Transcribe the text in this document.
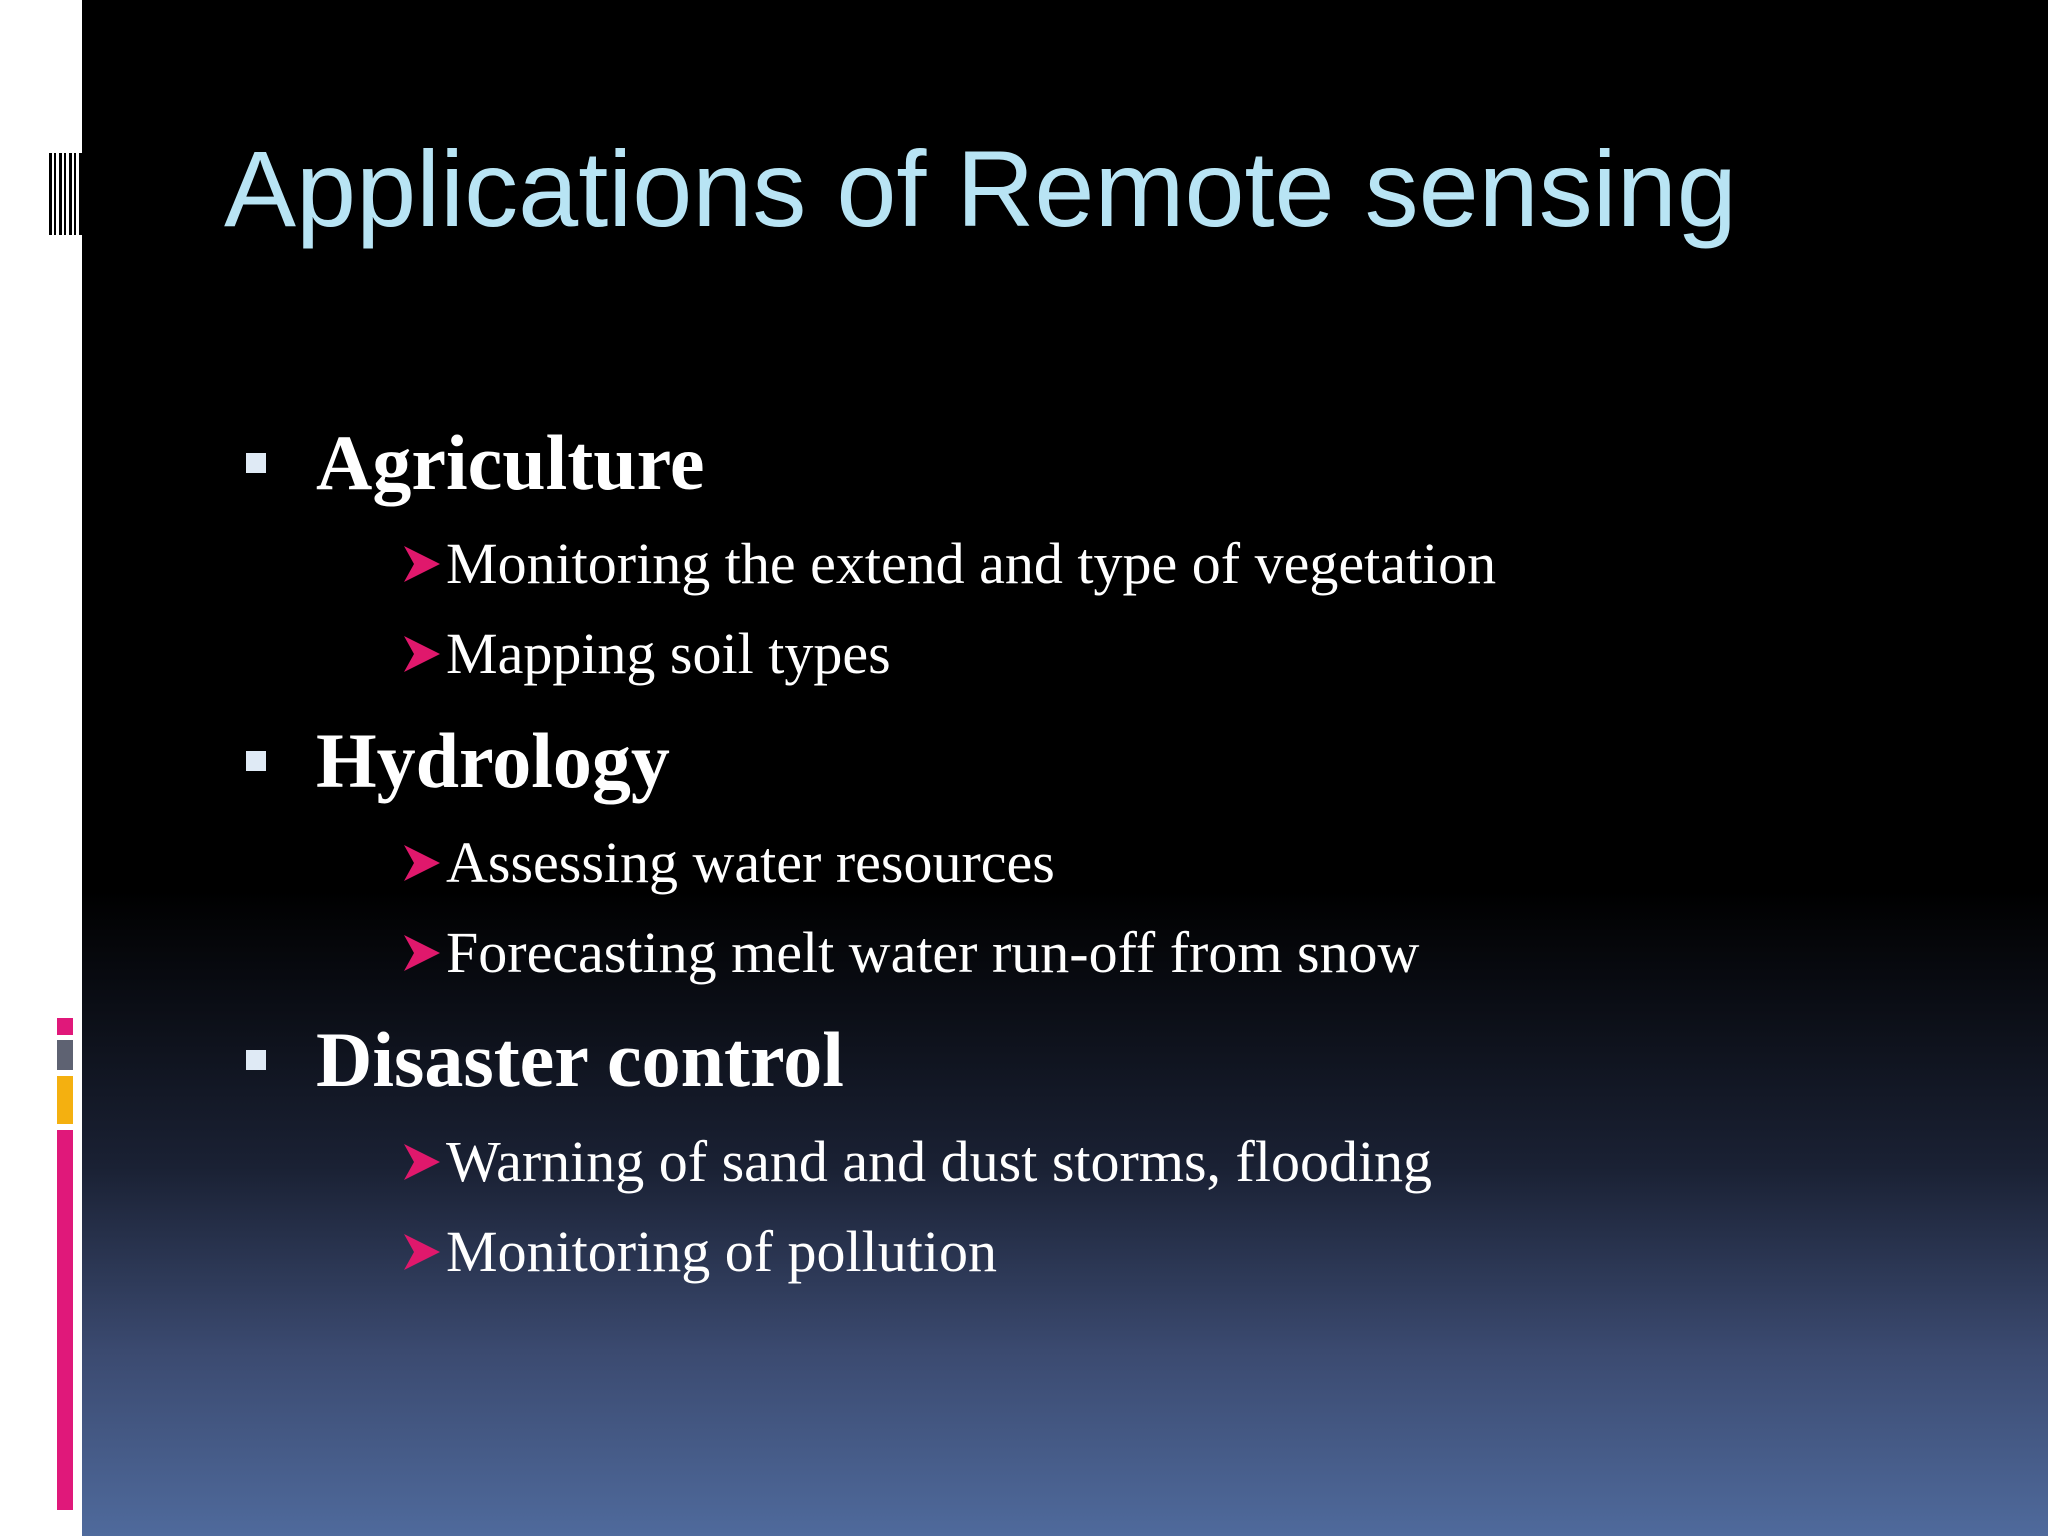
Applications of Remote sensing
Agriculture
Monitoring the extend and type of vegetation
Mapping soil types
Hydrology
Assessing water resources
Forecasting melt water run-off from snow
Disaster control
Warning of sand and dust storms, flooding
Monitoring of pollution
